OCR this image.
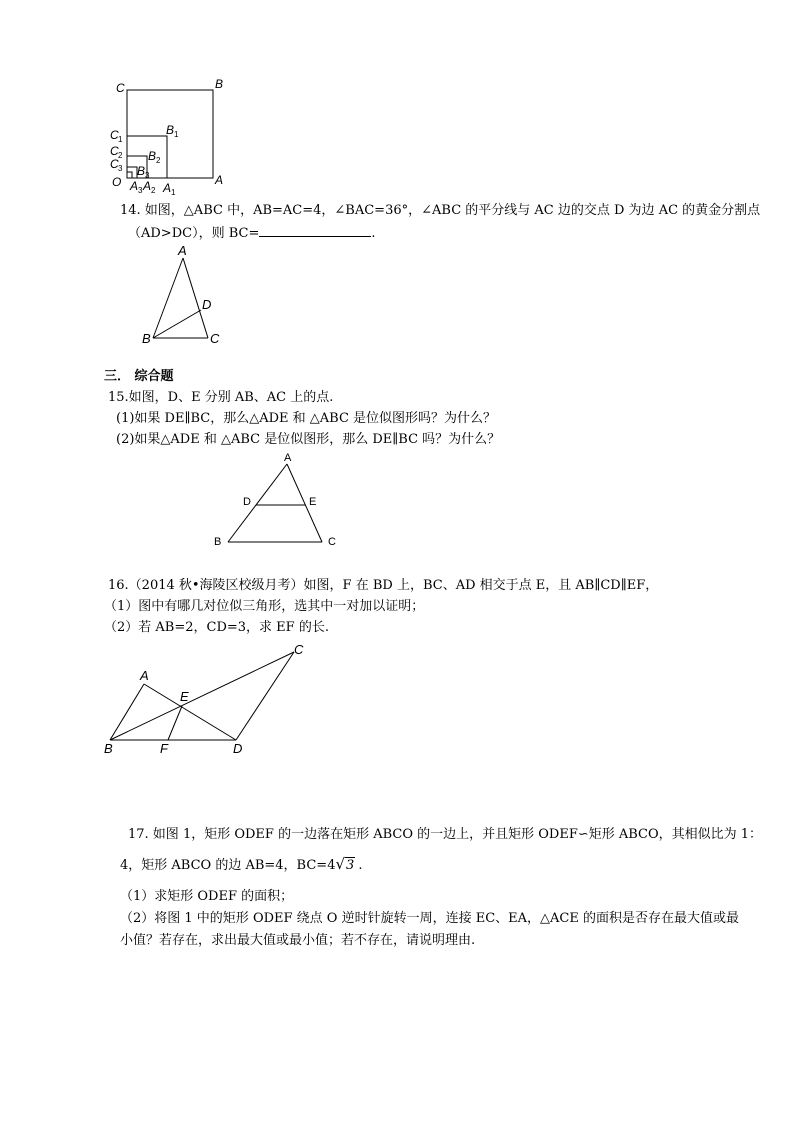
C	B
C 1
B 1
C 2 B 2
C 3 B 3
O A 3 A 2 A 1
A
14. 如图，△ABC 中，AB=AC=4，∠BAC=36°，∠ABC 的平分线与 AC 边的交点 D 为边 AC 的黄金分割点
（AD>DC），则 BC=	.
A
D
B	C
三． 综合题
15.如图，D、E 分别 AB、AC 上的点.
(1)如果 DE∥BC，那么△ADE 和 △ABC 是位似图形吗？为什么？
(2)如果△ADE 和 △ABC 是位似图形，那么 DE∥BC 吗？为什么？
A
D	E
B	C
16.（2014 秋•海陵区校级月考）如图，F 在 BD 上，BC、AD 相交于点 E，且 AB∥CD∥EF，
（1）图中有哪几对位似三角形，选其中一对加以证明；
（2）若 AB=2，CD=3，求 EF 的长.
A
E
C
B	F	D
17. 如图 1，矩形 ODEF 的一边落在矩形 ABCO 的一边上，并且矩形 ODEF∽矩形 ABCO，其相似比为 1：
4，矩形 ABCO 的边 AB=4，BC=4√3 .
（1）求矩形 ODEF 的面积；
（2）将图 1 中的矩形 ODEF 绕点 O 逆时针旋转一周，连接 EC、EA，△ACE 的面积是否存在最大值或最
小值？若存在，求出最大值或最小值；若不存在，请说明理由.
